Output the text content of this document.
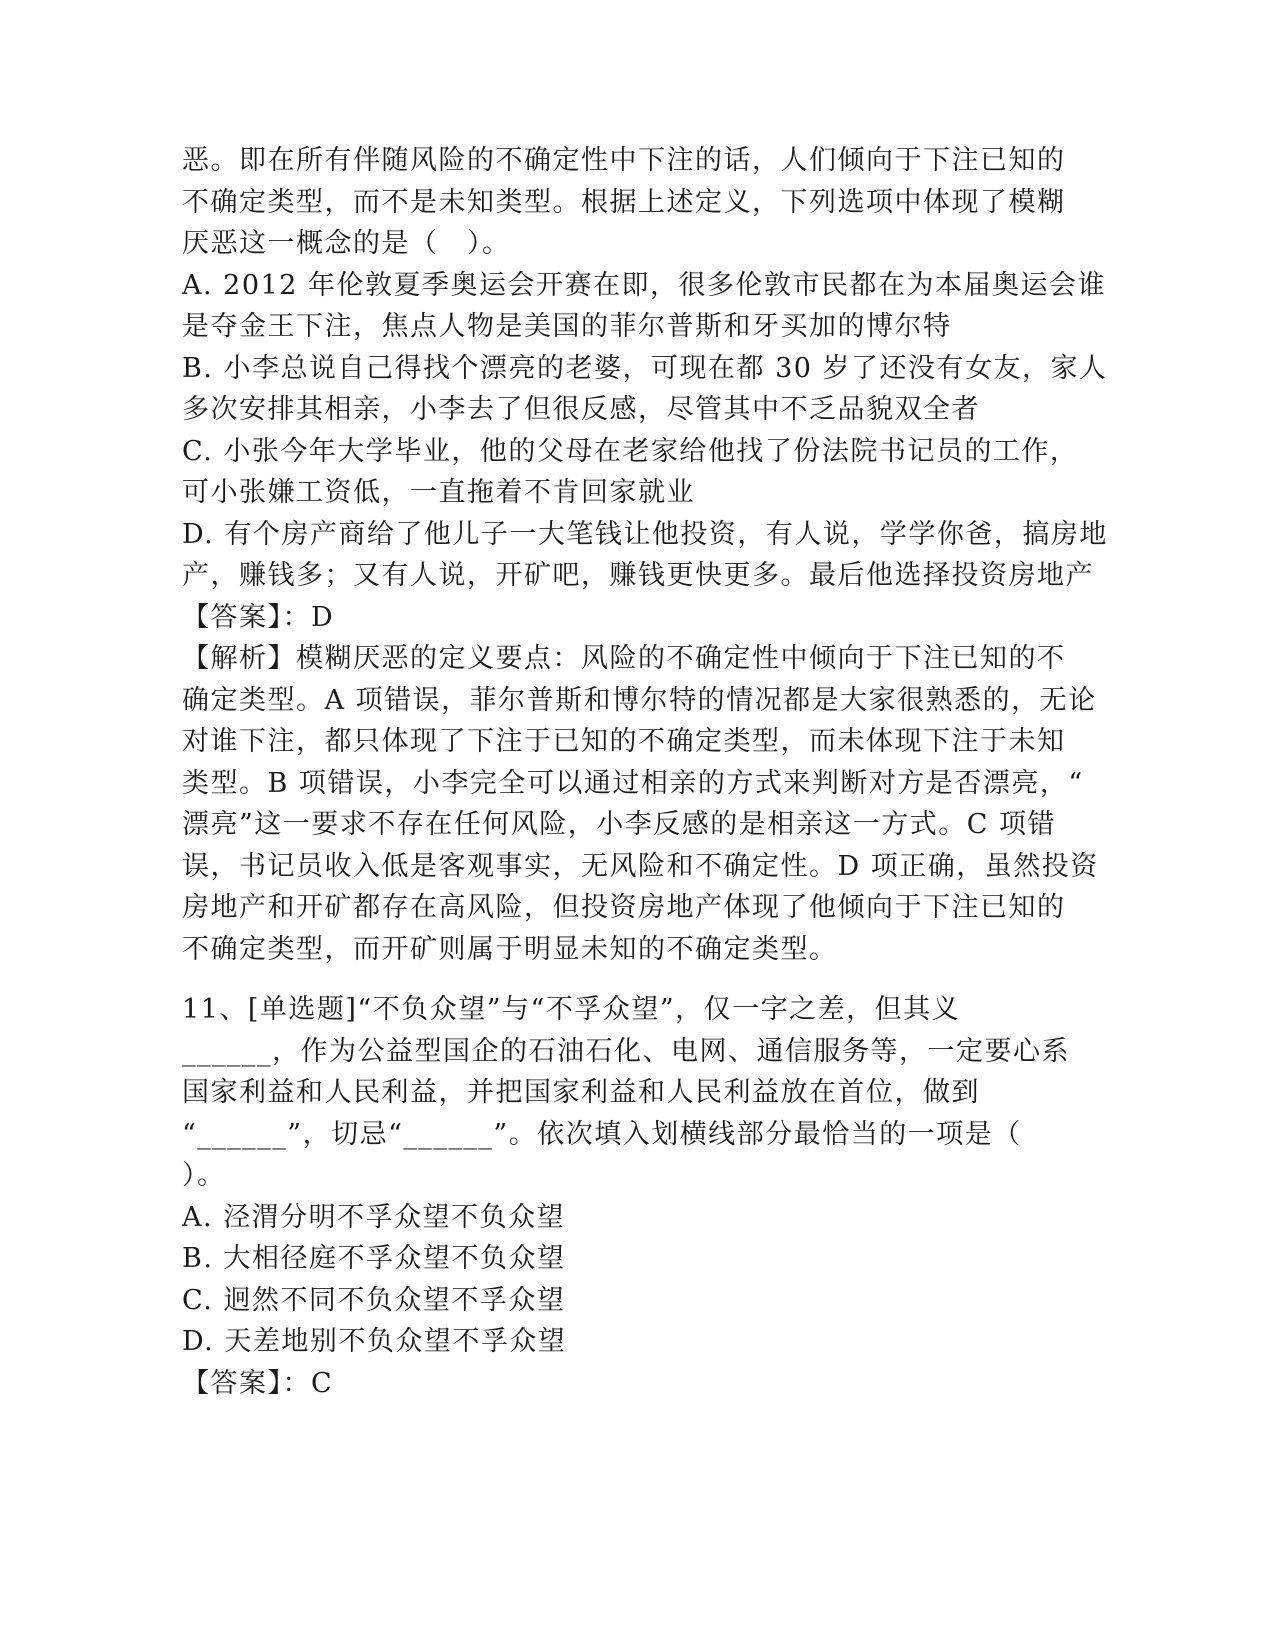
恶。即在所有伴随风险的不确定性中下注的话，人们倾向于下注已知的
不确定类型，而不是未知类型。根据上述定义，下列选项中体现了模糊
厌恶这一概念的是（　）。
A. 2012 年伦敦夏季奥运会开赛在即，很多伦敦市民都在为本届奥运会谁
是夺金王下注，焦点人物是美国的菲尔普斯和牙买加的博尔特
B. 小李总说自己得找个漂亮的老婆，可现在都 30 岁了还没有女友，家人
多次安排其相亲，小李去了但很反感，尽管其中不乏品貌双全者
C. 小张今年大学毕业，他的父母在老家给他找了份法院书记员的工作，
可小张嫌工资低，一直拖着不肯回家就业
D. 有个房产商给了他儿子一大笔钱让他投资，有人说，学学你爸，搞房地
产，赚钱多；又有人说，开矿吧，赚钱更快更多。最后他选择投资房地产
【答案】：D
【解析】模糊厌恶的定义要点：风险的不确定性中倾向于下注已知的不
确定类型。A 项错误，菲尔普斯和博尔特的情况都是大家很熟悉的，无论
对谁下注，都只体现了下注于已知的不确定类型，而未体现下注于未知
类型。B 项错误，小李完全可以通过相亲的方式来判断对方是否漂亮，“
漂亮”这一要求不存在任何风险，小李反感的是相亲这一方式。C 项错
误，书记员收入低是客观事实，无风险和不确定性。D 项正确，虽然投资
房地产和开矿都存在高风险，但投资房地产体现了他倾向于下注已知的
不确定类型，而开矿则属于明显未知的不确定类型。
11、[单选题]“不负众望”与“不孚众望”，仅一字之差，但其义
______，作为公益型国企的石油石化、电网、通信服务等，一定要心系
国家利益和人民利益，并把国家利益和人民利益放在首位，做到
“______”，切忌“______”。依次填入划横线部分最恰当的一项是（
）。
A. 泾渭分明不孚众望不负众望
B. 大相径庭不孚众望不负众望
C. 迥然不同不负众望不孚众望
D. 天差地别不负众望不孚众望
【答案】：C
